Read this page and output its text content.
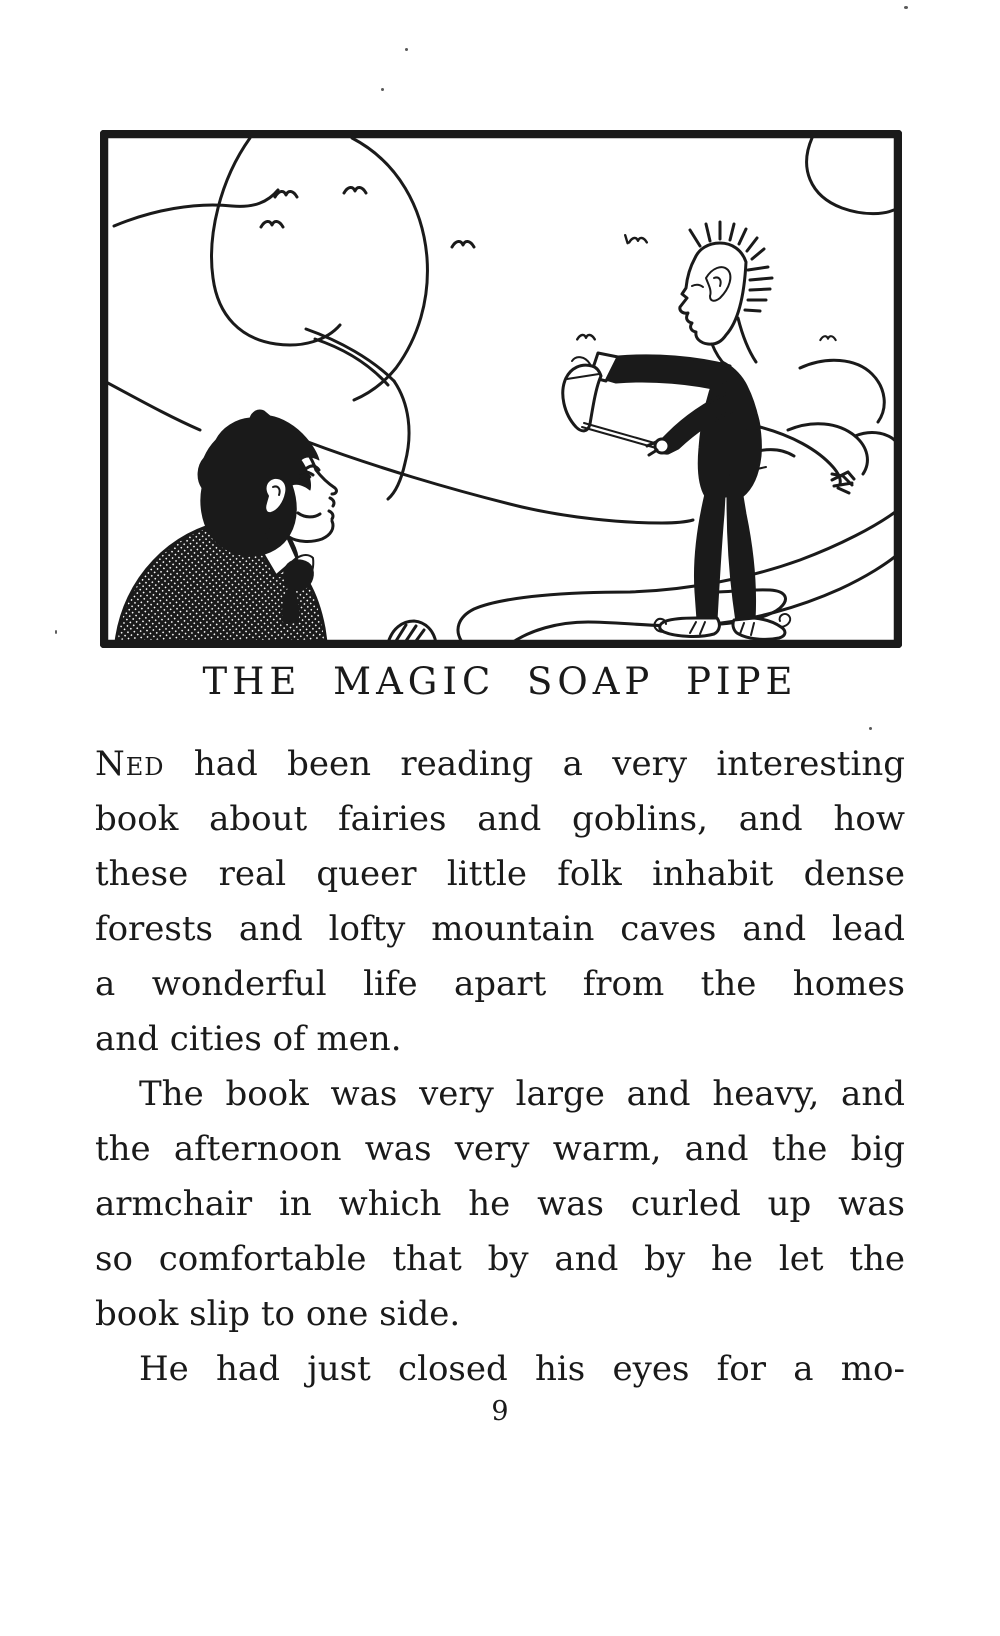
THE MAGIC SOAP PIPE
Ned had been reading a very interesting
book about fairies and goblins, and how
these real queer little folk inhabit dense
forests and lofty mountain caves and lead
a wonderful life apart from the homes
and cities of men.
The book was very large and heavy, and
the afternoon was very warm, and the big
armchair in which he was curled up was
so comfortable that by and by he let the
book slip to one side.
He had just closed his eyes for a mo-
9
